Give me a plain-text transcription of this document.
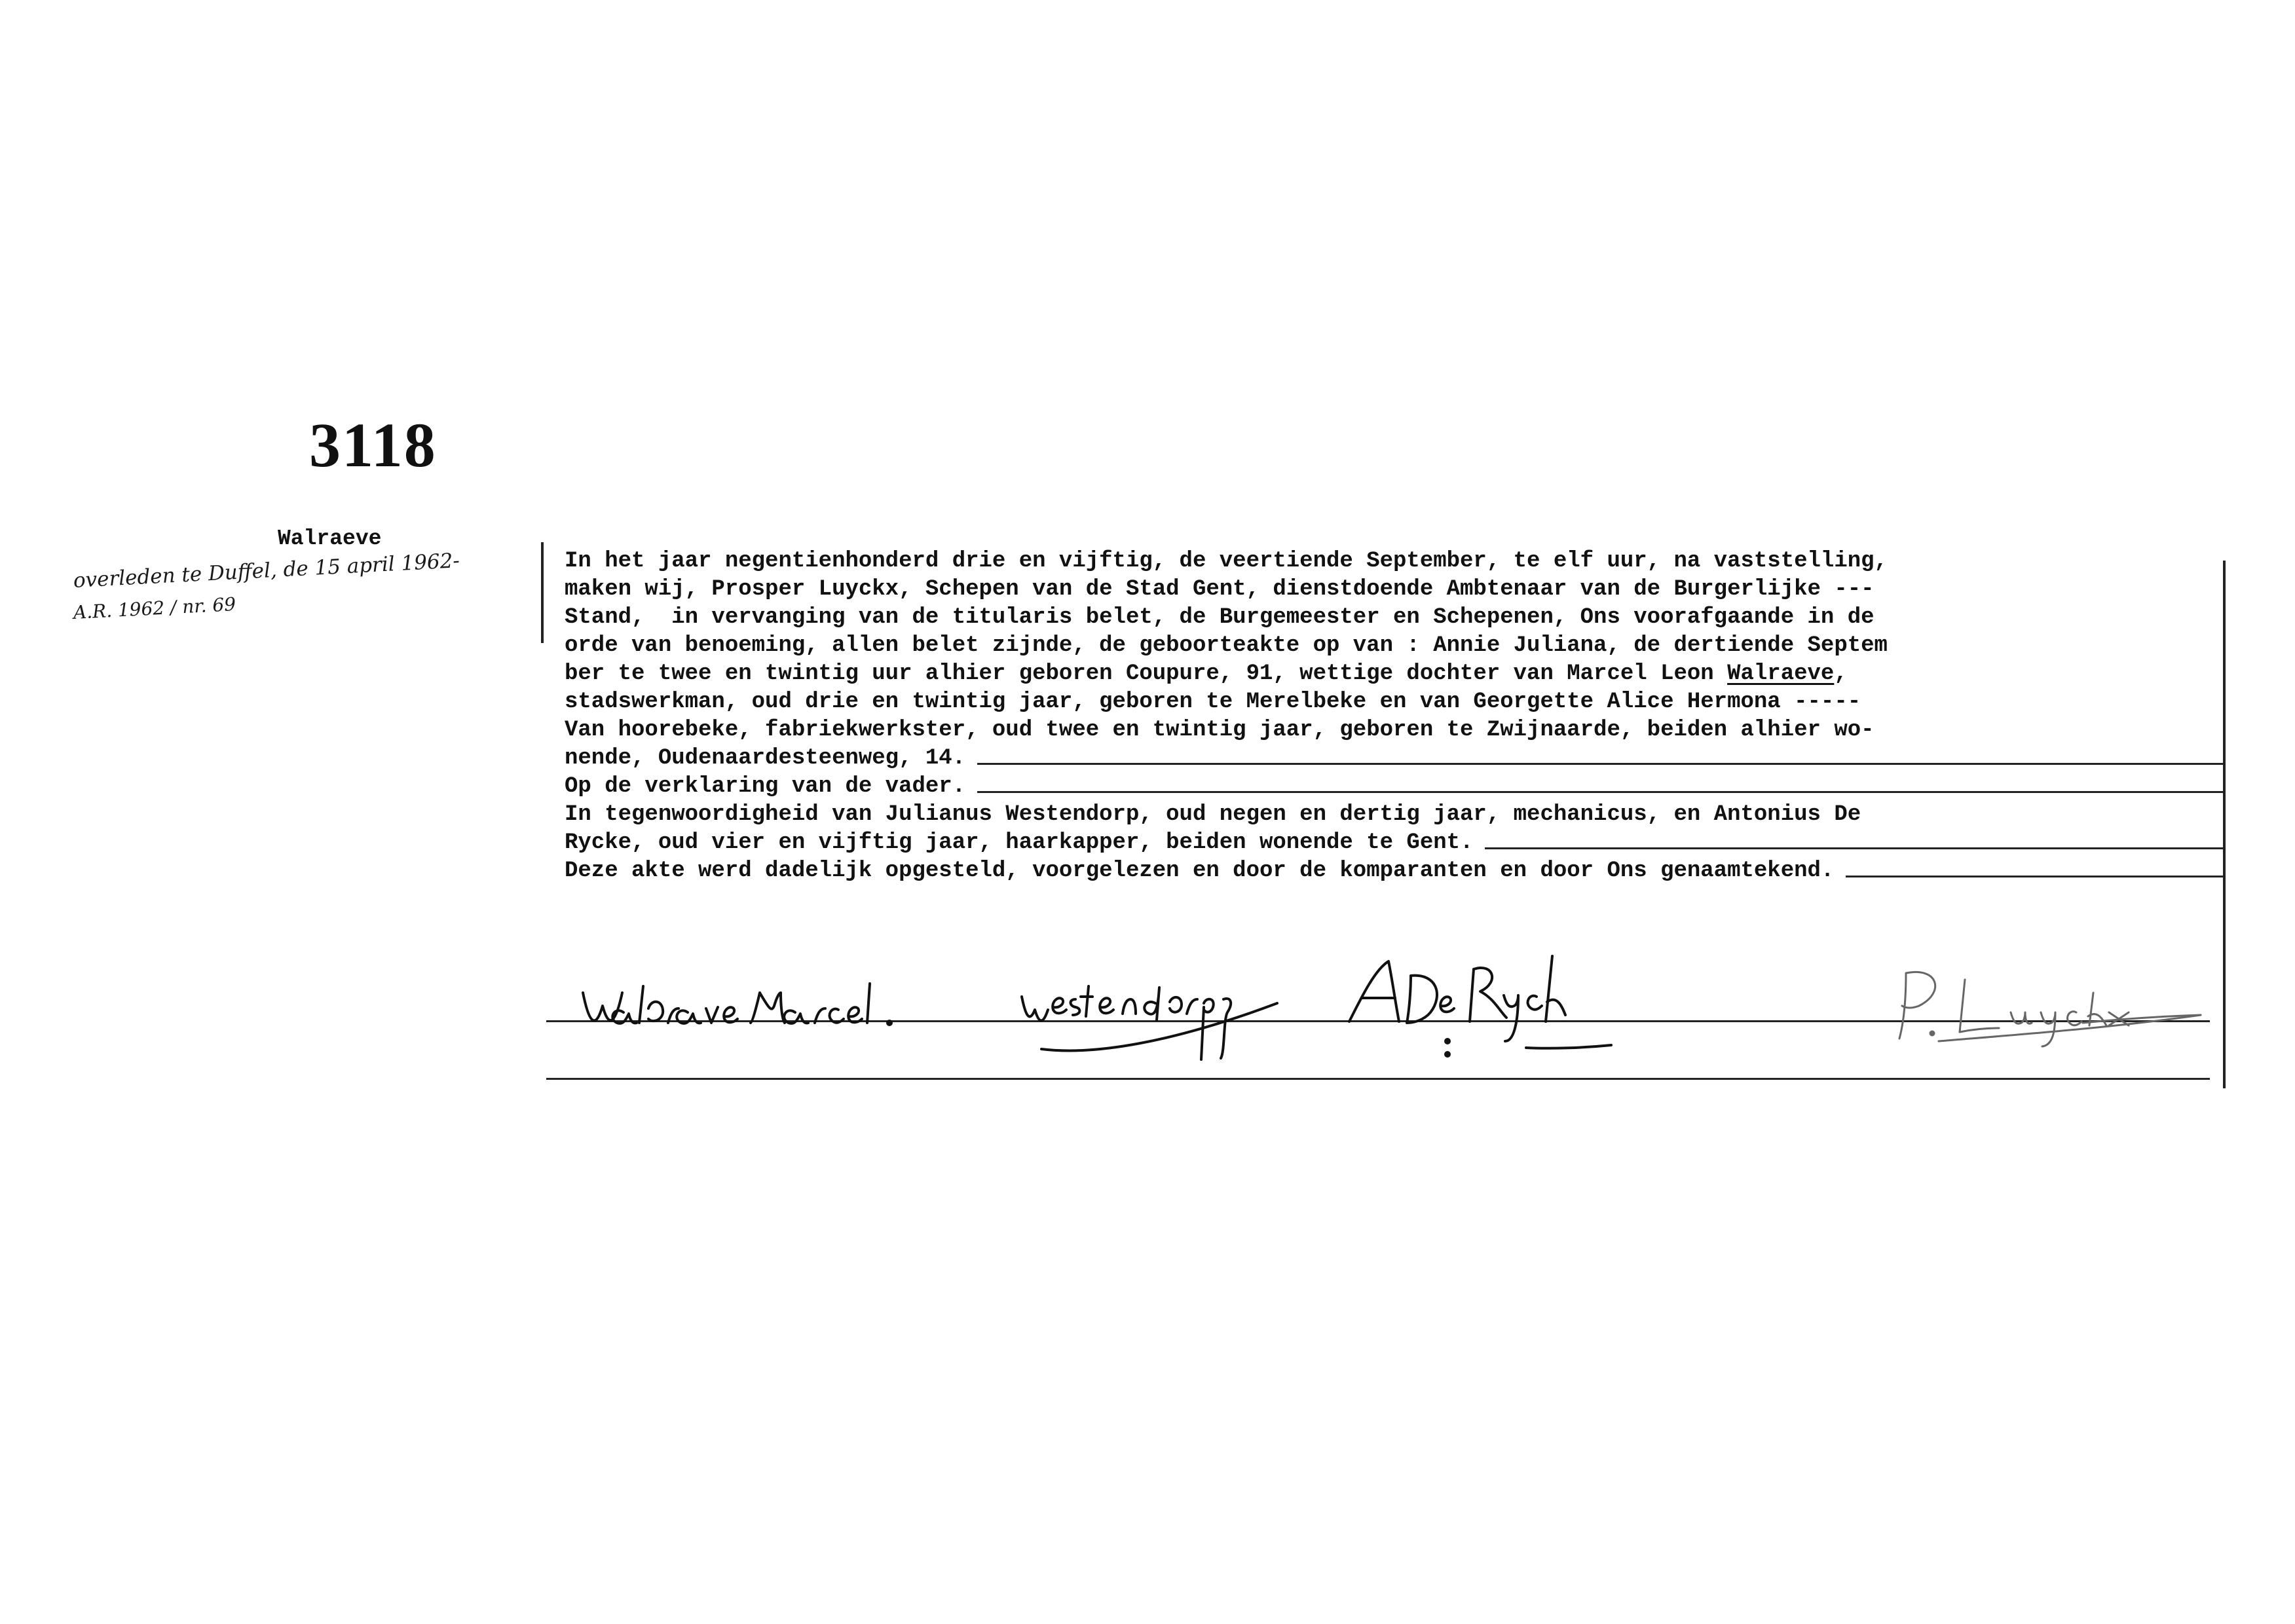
3118
Walraeve
overleden te Duffel, de 15 april 1962-
A.R. 1962 / nr. 69
In het jaar negentienhonderd drie en vijftig, de veertiende September, te elf uur, na vaststelling,
maken wij, Prosper Luyckx, Schepen van de Stad Gent, dienstdoende Ambtenaar van de Burgerlijke ---
Stand,  in vervanging van de titularis belet, de Burgemeester en Schepenen, Ons voorafgaande in de
orde van benoeming, allen belet zijnde, de geboorteakte op van : Annie Juliana, de dertiende Septem
ber te twee en twintig uur alhier geboren Coupure, 91, wettige dochter van Marcel Leon Walraeve,
stadswerkman, oud drie en twintig jaar, geboren te Merelbeke en van Georgette Alice Hermona -----
Van hoorebeke, fabriekwerkster, oud twee en twintig jaar, geboren te Zwijnaarde, beiden alhier wo-
nende, Oudenaardesteenweg, 14.
Op de verklaring van de vader.
In tegenwoordigheid van Julianus Westendorp, oud negen en dertig jaar, mechanicus, en Antonius De
Rycke, oud vier en vijftig jaar, haarkapper, beiden wonende te Gent.
Deze akte werd dadelijk opgesteld, voorgelezen en door de komparanten en door Ons genaamtekend.
